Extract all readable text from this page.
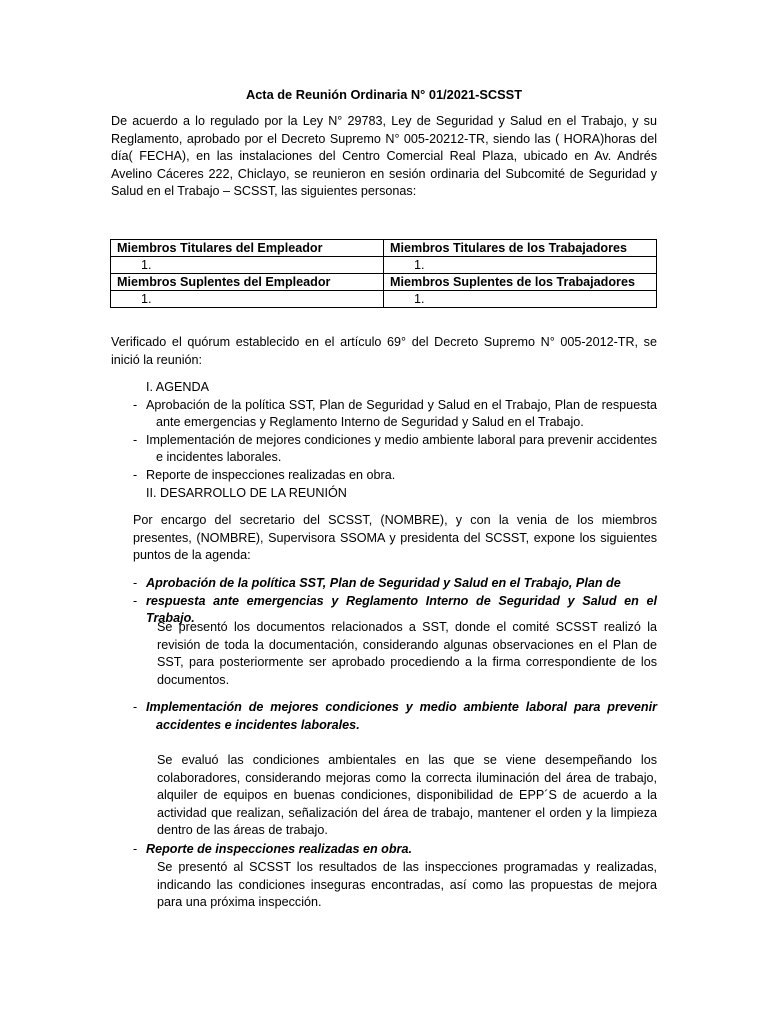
Acta de Reunión Ordinaria N° 01/2021-SCSST

De acuerdo a lo regulado por la Ley N° 29783, Ley de Seguridad y Salud en el Trabajo, y su Reglamento, aprobado por el Decreto Supremo N° 005-20212-TR, siendo las ( HORA)horas del día( FECHA), en las instalaciones del Centro Comercial Real Plaza, ubicado en Av. Andrés Avelino Cáceres 222, Chiclayo, se reunieron en sesión ordinaria del Subcomité de Seguridad y Salud en el Trabajo – SCSST, las siguientes personas:

Miembros Titulares del Empleador	Miembros Titulares de los Trabajadores
1.	1.
Miembros Suplentes del Empleador	Miembros Suplentes de los Trabajadores
1.	1.

Verificado el quórum establecido en el artículo 69° del Decreto Supremo N° 005-2012-TR, se inició la reunión:

I. AGENDA
- Aprobación de la política SST, Plan de Seguridad y Salud en el Trabajo, Plan de respuesta ante emergencias y Reglamento Interno de Seguridad y Salud en el Trabajo.
- Implementación de mejores condiciones y medio ambiente laboral para prevenir accidentes e incidentes laborales.
- Reporte de inspecciones realizadas en obra.
II. DESARROLLO DE LA REUNIÓN

Por encargo del secretario del SCSST, (NOMBRE), y con la venia de los miembros presentes, (NOMBRE), Supervisora SSOMA y presidenta del SCSST, expone los siguientes puntos de la agenda:

- Aprobación de la política SST, Plan de Seguridad y Salud en el Trabajo, Plan de
- respuesta ante emergencias y Reglamento Interno de Seguridad y Salud en el Trabajo.
Se presentó los documentos relacionados a SST, donde el comité SCSST realizó la revisión de toda la documentación, considerando algunas observaciones en el Plan de SST, para posteriormente ser aprobado procediendo a la firma correspondiente de los documentos.
- Implementación de mejores condiciones y medio ambiente laboral para prevenir accidentes e incidentes laborales.
Se evaluó las condiciones ambientales en las que se viene desempeñando los colaboradores, considerando mejoras como la correcta iluminación del área de trabajo, alquiler de equipos en buenas condiciones, disponibilidad de EPP´S de acuerdo a la actividad que realizan, señalización del área de trabajo, mantener el orden y la limpieza dentro de las áreas de trabajo.
- Reporte de inspecciones realizadas en obra.
Se presentó al SCSST los resultados de las inspecciones programadas y realizadas, indicando las condiciones inseguras encontradas, así como las propuestas de mejora para una próxima inspección.
